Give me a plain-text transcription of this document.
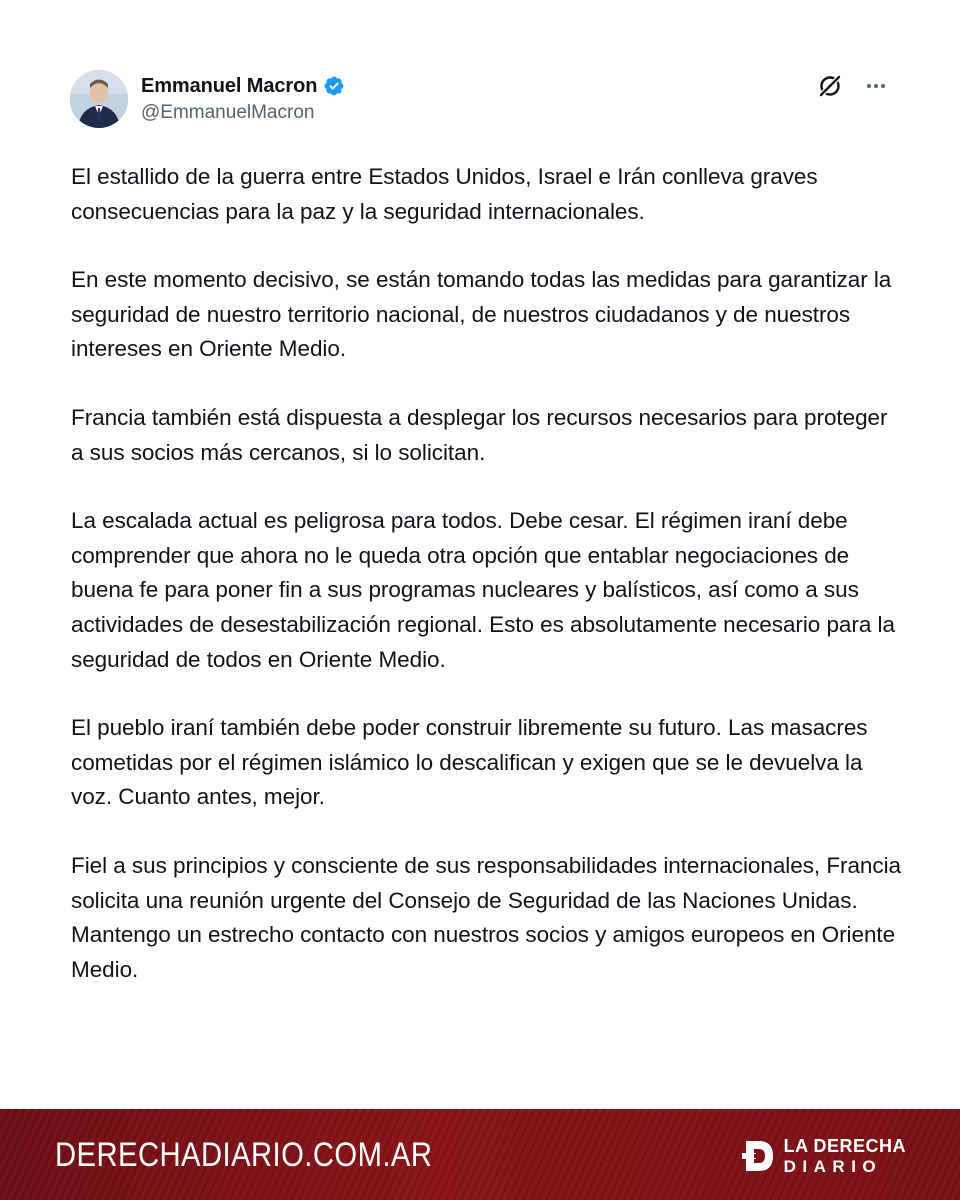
Emmanuel Macron
@EmmanuelMacron

El estallido de la guerra entre Estados Unidos, Israel e Irán conlleva graves consecuencias para la paz y la seguridad internacionales.

En este momento decisivo, se están tomando todas las medidas para garantizar la seguridad de nuestro territorio nacional, de nuestros ciudadanos y de nuestros intereses en Oriente Medio.

Francia también está dispuesta a desplegar los recursos necesarios para proteger a sus socios más cercanos, si lo solicitan.

La escalada actual es peligrosa para todos. Debe cesar. El régimen iraní debe comprender que ahora no le queda otra opción que entablar negociaciones de buena fe para poner fin a sus programas nucleares y balísticos, así como a sus actividades de desestabilización regional. Esto es absolutamente necesario para la seguridad de todos en Oriente Medio.

El pueblo iraní también debe poder construir libremente su futuro. Las masacres cometidas por el régimen islámico lo descalifican y exigen que se le devuelva la voz. Cuanto antes, mejor.

Fiel a sus principios y consciente de sus responsabilidades internacionales, Francia solicita una reunión urgente del Consejo de Seguridad de las Naciones Unidas. Mantengo un estrecho contacto con nuestros socios y amigos europeos en Oriente Medio.

DERECHADIARIO.COM.AR	LA DERECHA
DIARIO
